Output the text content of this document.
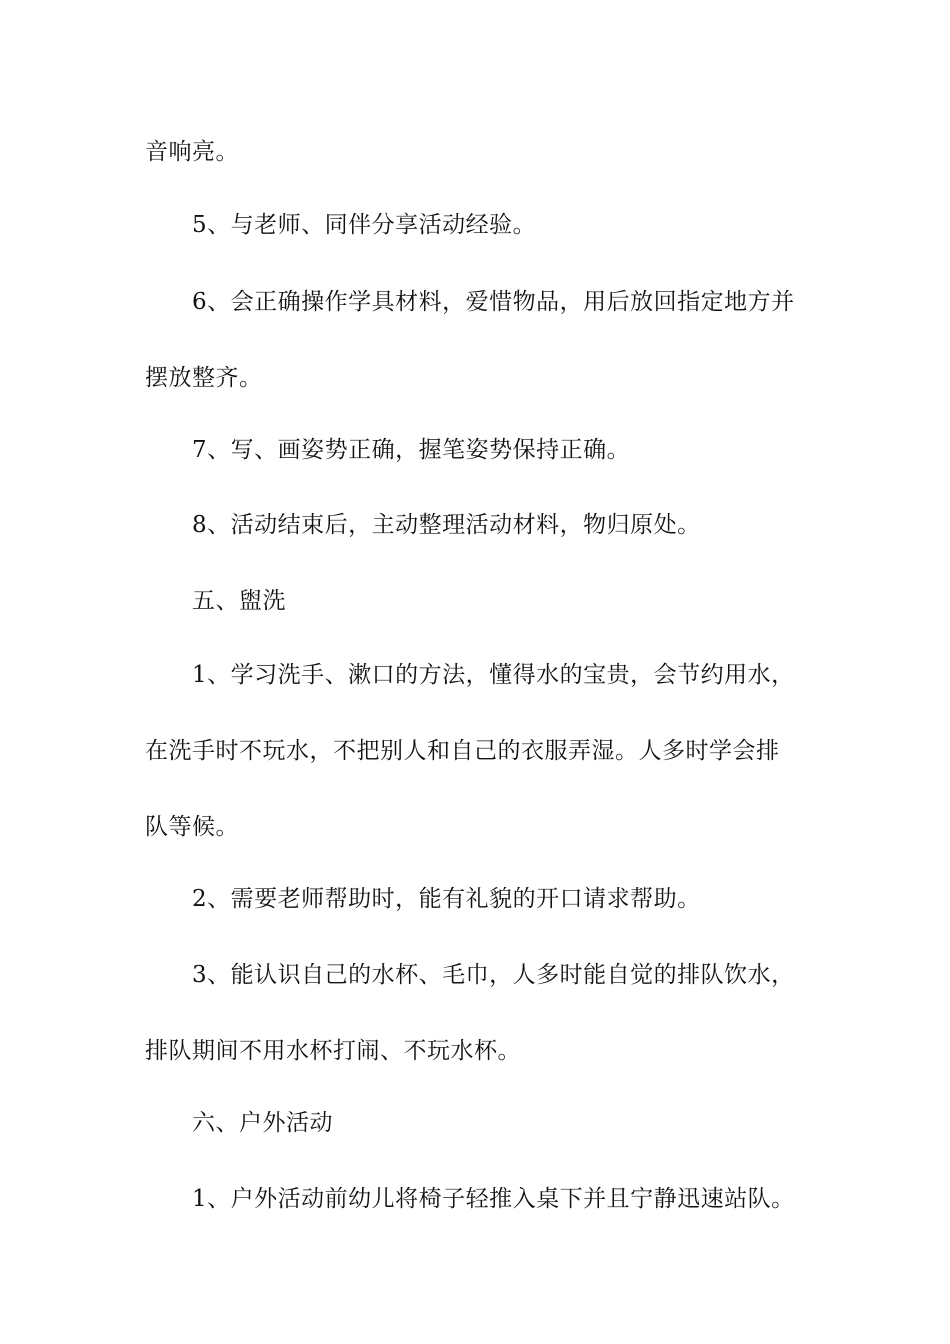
音响亮。

5、与老师、同伴分享活动经验。

6、会正确操作学具材料，爱惜物品，用后放回指定地方并

摆放整齐。

7、写、画姿势正确，握笔姿势保持正确。

8、活动结束后，主动整理活动材料，物归原处。

五、盥洗

1、学习洗手、漱口的方法，懂得水的宝贵，会节约用水，

在洗手时不玩水，不把别人和自己的衣服弄湿。人多时学会排

队等候。

2、需要老师帮助时，能有礼貌的开口请求帮助。

3、能认识自己的水杯、毛巾，人多时能自觉的排队饮水，

排队期间不用水杯打闹、不玩水杯。

六、户外活动

1、户外活动前幼儿将椅子轻推入桌下并且宁静迅速站队。
